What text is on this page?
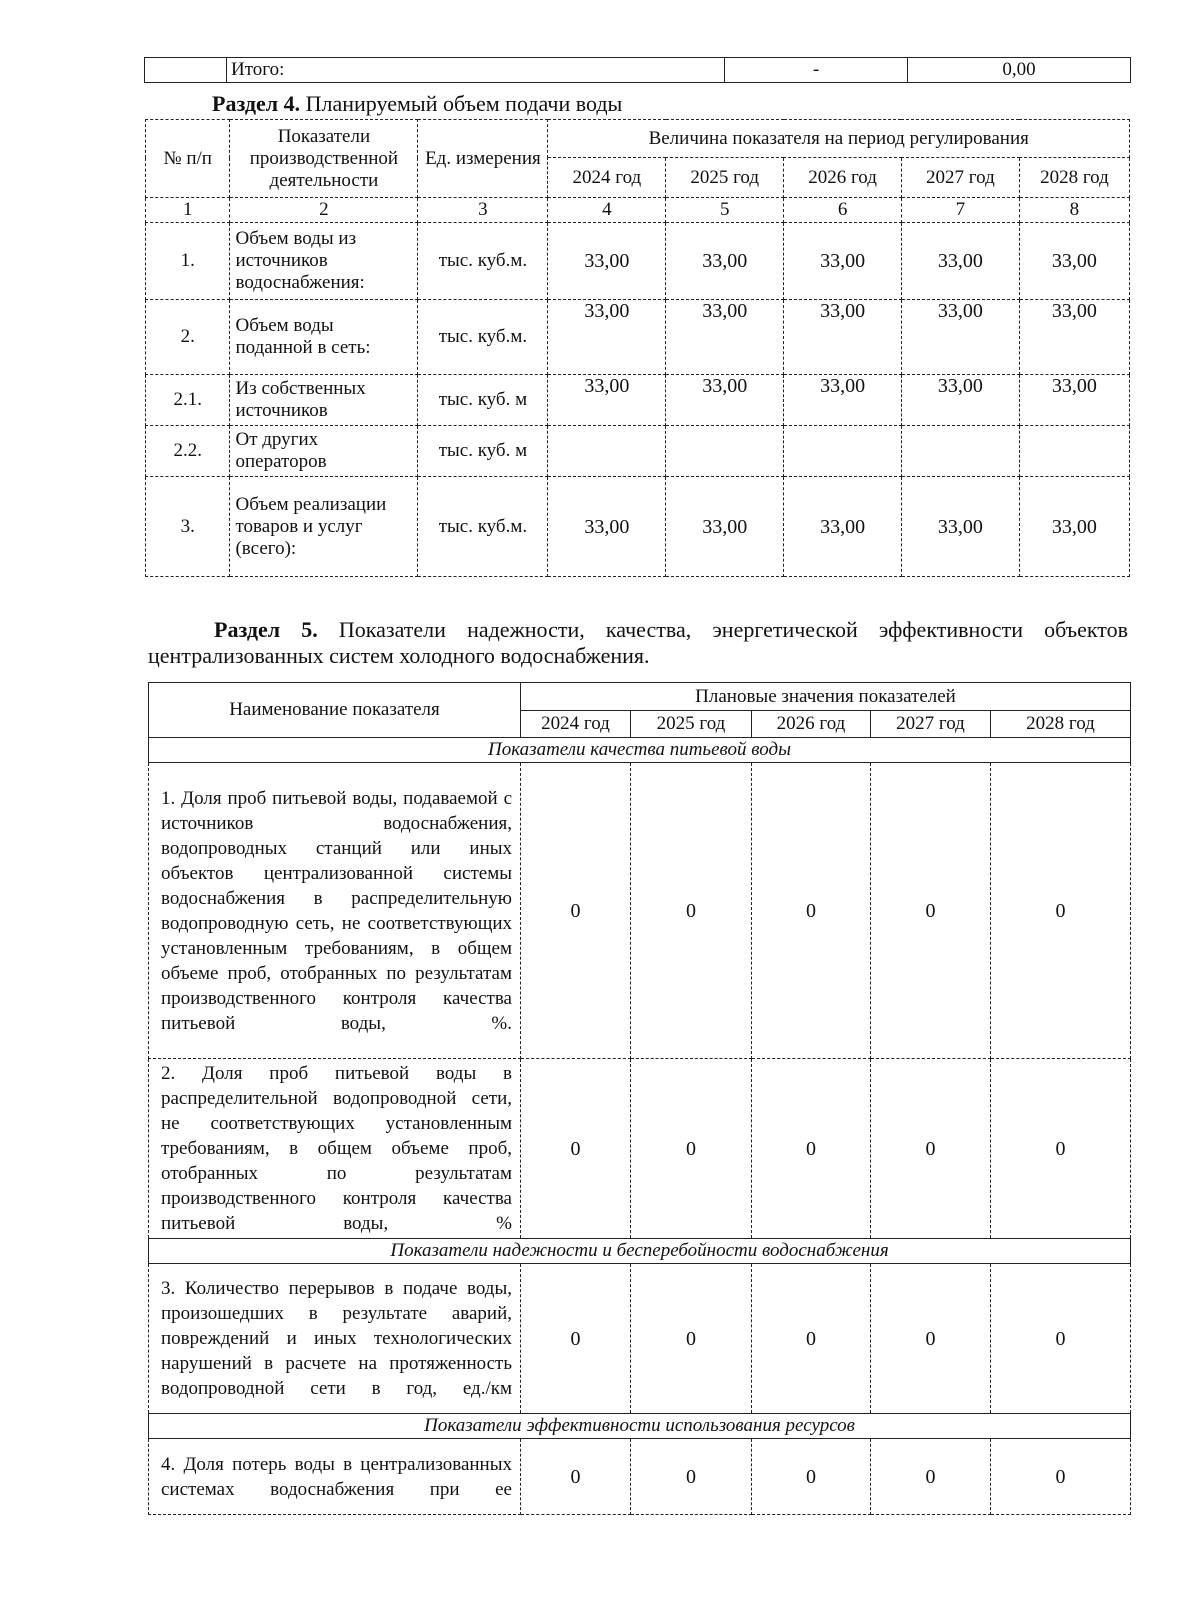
	Итого:	-	0,00
Раздел 4. Планируемый объем подачи воды
№ п/п	Показатели производственной деятельности	Ед. измерения	Величина показателя на период регулирования				
			2024 год	2025 год	2026 год	2027 год	2028 год
1	2	3	4	5	6	7	8
1.	Объем воды из источников водоснабжения:	тыс. куб.м.	33,00	33,00	33,00	33,00	33,00
2.	Объем воды поданной в сеть:	тыс. куб.м.	33,00	33,00	33,00	33,00	33,00
2.1.	Из собственных источников	тыс. куб. м	33,00	33,00	33,00	33,00	33,00
2.2.	От других операторов	тыс. куб. м					
3.	Объем реализации товаров и услуг (всего):	тыс. куб.м.	33,00	33,00	33,00	33,00	33,00
Раздел 5. Показатели надежности, качества, энергетической эффективности объектов централизованных систем холодного водоснабжения.
Наименование показателя	Плановые значения показателей				
	2024 год	2025 год	2026 год	2027 год	2028 год
Показатели качества питьевой воды					
1. Доля проб питьевой воды, подаваемой с источников водоснабжения, водопроводных станций или иных объектов централизованной системы водоснабжения в распределительную водопроводную сеть, не соответствующих установленным требованиям, в общем объеме проб, отобранных по результатам производственного контроля качества питьевой воды, %.	0	0	0	0	0
2. Доля проб питьевой воды в распределительной водопроводной сети, не соответствующих установленным требованиям, в общем объеме проб, отобранных по результатам производственного контроля качества питьевой воды, %	0	0	0	0	0
Показатели надежности и бесперебойности водоснабжения					
3. Количество перерывов в подаче воды, произошедших в результате аварий, повреждений и иных технологических нарушений в расчете на протяженность водопроводной сети в год, ед./км	0	0	0	0	0
Показатели эффективности использования ресурсов					
4. Доля потерь воды в централизованных системах водоснабжения при ее	0	0	0	0	0
